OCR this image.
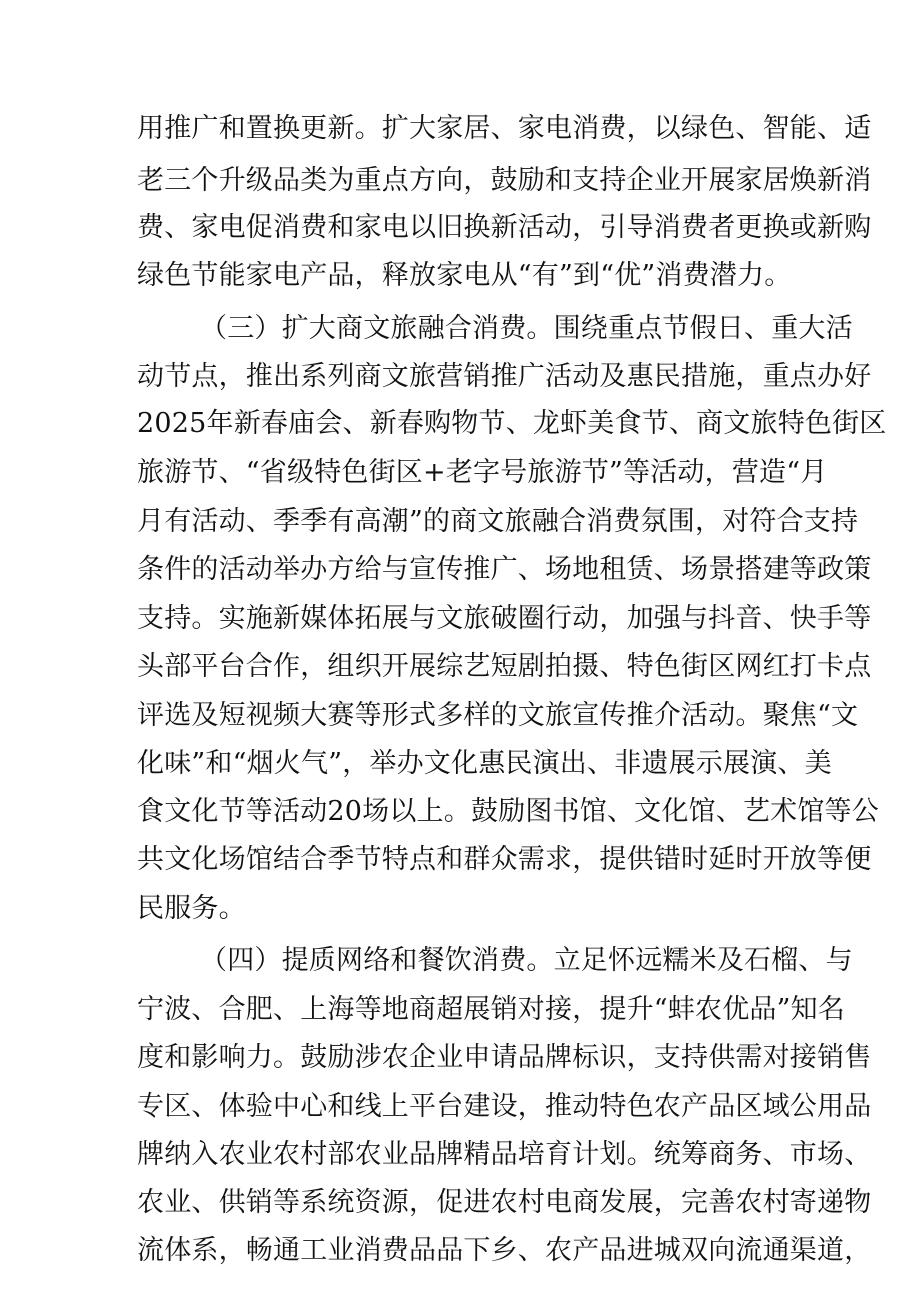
用推广和置换更新。扩大家居、家电消费，以绿色、智能、适

老三个升级品类为重点方向，鼓励和支持企业开展家居焕新消

费、家电促消费和家电以旧换新活动，引导消费者更换或新购

绿色节能家电产品，释放家电从“有”到“优”消费潜力。

（三）扩大商文旅融合消费。围绕重点节假日、重大活

动节点，推出系列商文旅营销推广活动及惠民措施，重点办好

2025年新春庙会、新春购物节、龙虾美食节、商文旅特色街区

旅游节、“省级特色街区+老字号旅游节”等活动，营造“月

月有活动、季季有高潮”的商文旅融合消费氛围，对符合支持

条件的活动举办方给与宣传推广、场地租赁、场景搭建等政策

支持。实施新媒体拓展与文旅破圈行动，加强与抖音、快手等

头部平台合作，组织开展综艺短剧拍摄、特色街区网红打卡点

评选及短视频大赛等形式多样的文旅宣传推介活动。聚焦“文

化味”和“烟火气”，举办文化惠民演出、非遗展示展演、美

食文化节等活动20场以上。鼓励图书馆、文化馆、艺术馆等公

共文化场馆结合季节特点和群众需求，提供错时延时开放等便

民服务。

（四）提质网络和餐饮消费。立足怀远糯米及石榴、与

宁波、合肥、上海等地商超展销对接，提升“蚌农优品”知名

度和影响力。鼓励涉农企业申请品牌标识，支持供需对接销售

专区、体验中心和线上平台建设，推动特色农产品区域公用品

牌纳入农业农村部农业品牌精品培育计划。统筹商务、市场、

农业、供销等系统资源，促进农村电商发展，完善农村寄递物

流体系，畅通工业消费品品下乡、农产品进城双向流通渠道，
